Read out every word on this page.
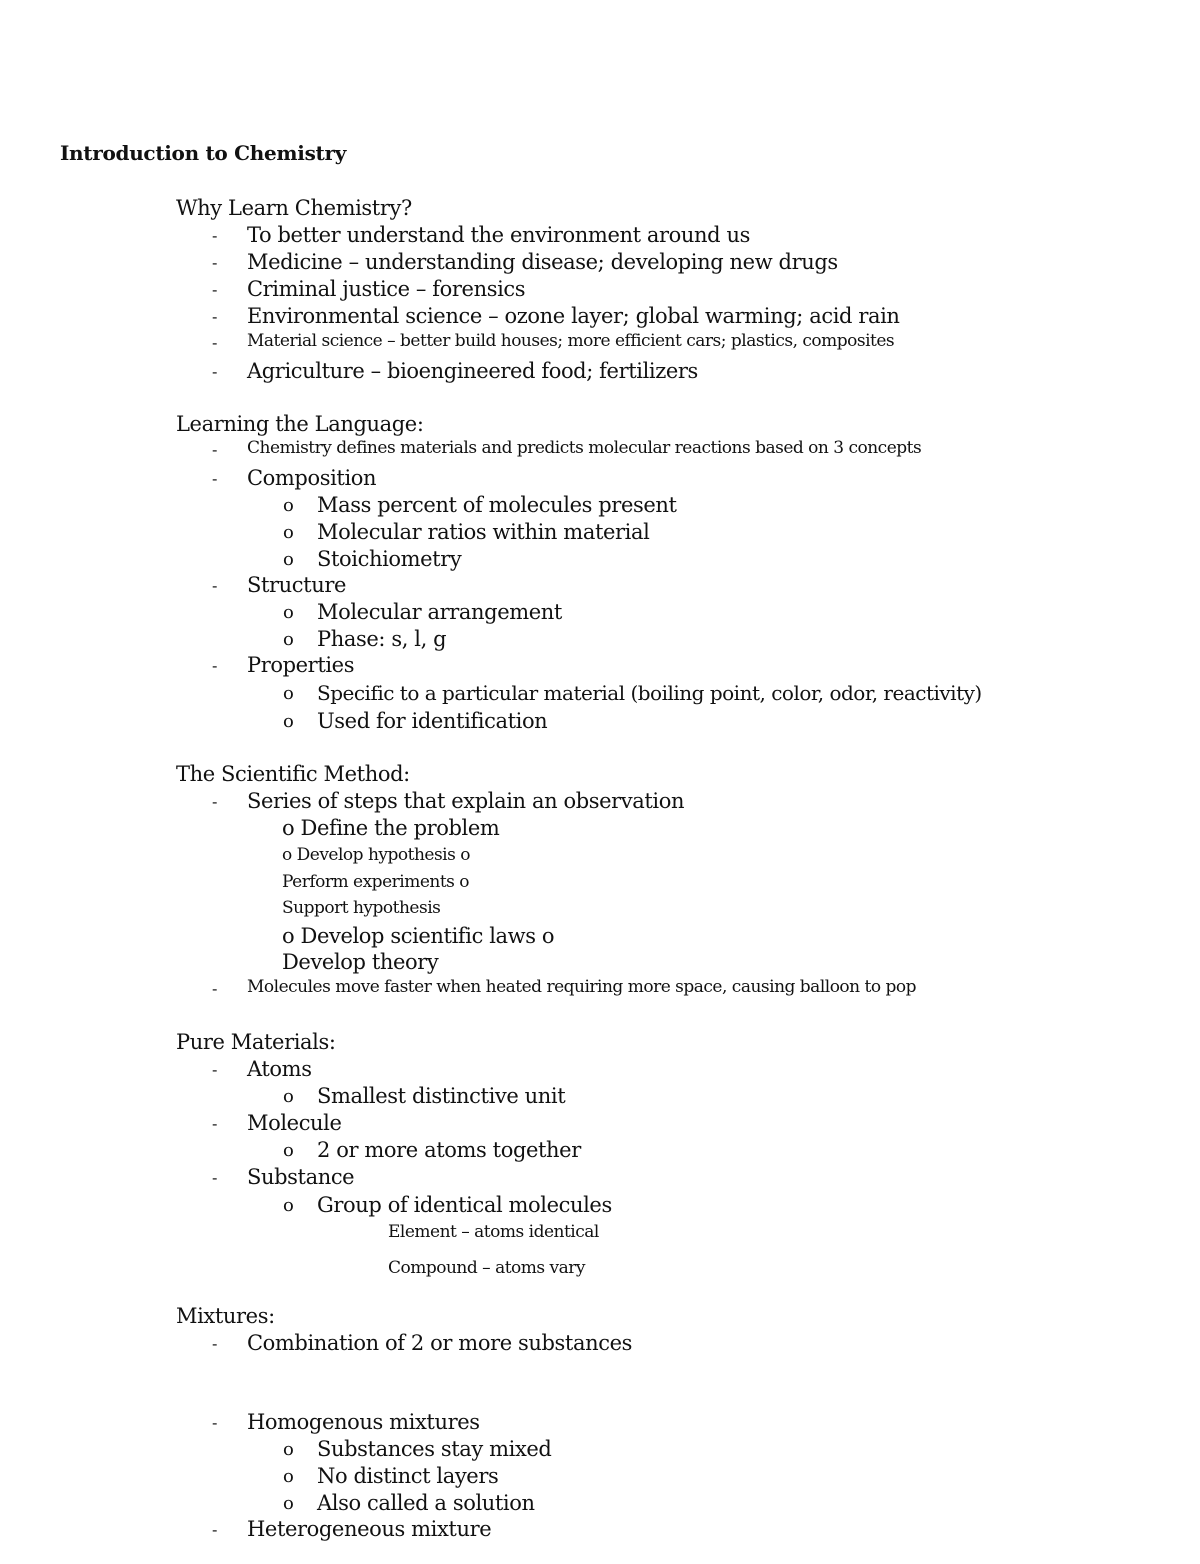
Introduction to Chemistry
Why Learn Chemistry?
- To better understand the environment around us
- Medicine – understanding disease; developing new drugs
- Criminal justice – forensics
- Environmental science – ozone layer; global warming; acid rain
- Material science – better build houses; more efficient cars; plastics, composites
- Agriculture – bioengineered food; fertilizers
Learning the Language:
- Chemistry defines materials and predicts molecular reactions based on 3 concepts
- Composition
o Mass percent of molecules present
o Molecular ratios within material
o Stoichiometry
- Structure
o Molecular arrangement
o Phase: s, l, g
- Properties
o Specific to a particular material (boiling point, color, odor, reactivity)
o Used for identification
The Scientific Method:
- Series of steps that explain an observation
o Define the problem
o Develop hypothesis o
Perform experiments o
Support hypothesis
o Develop scientific laws o
Develop theory
- Molecules move faster when heated requiring more space, causing balloon to pop
Pure Materials:
- Atoms
o Smallest distinctive unit
- Molecule
o 2 or more atoms together
- Substance
o Group of identical molecules
Element – atoms identical
Compound – atoms vary
Mixtures:
- Combination of 2 or more substances
- Homogenous mixtures
o Substances stay mixed
o No distinct layers
o Also called a solution
- Heterogeneous mixture
